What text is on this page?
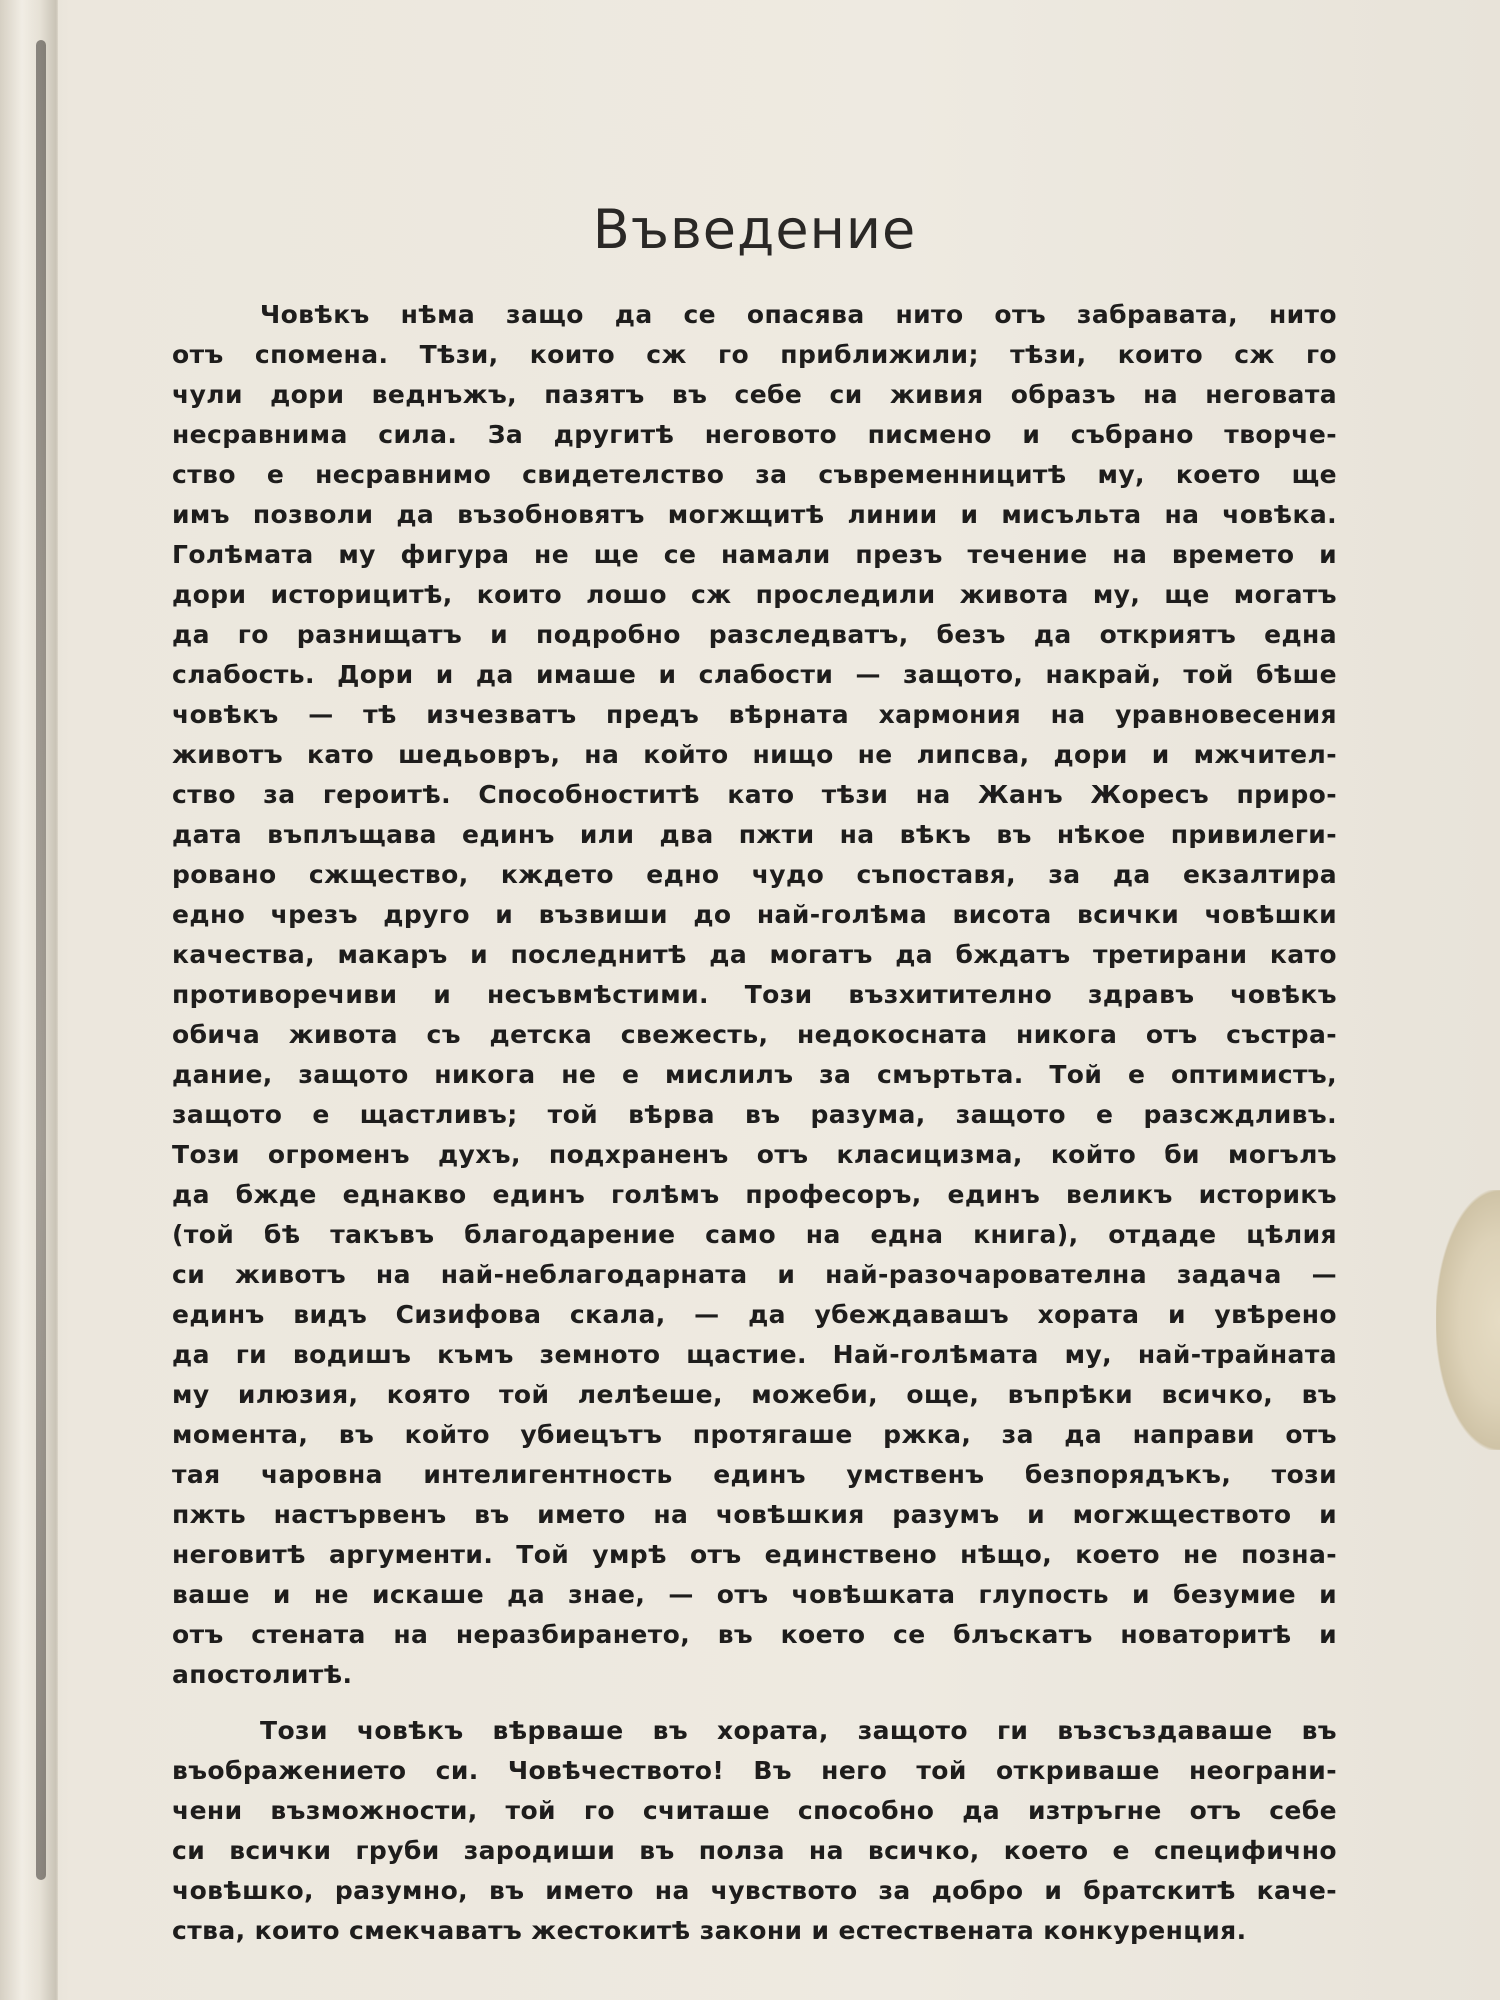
Въведение
Човѣкъ нѣма защо да се опасява нито отъ забравата, нито
отъ спомена. Тѣзи, които сж го приближили; тѣзи, които сж го
чули дори веднъжъ, пазятъ въ себе си живия образъ на неговата
несравнима сила. За другитѣ неговото писмено и събрано творче-
ство е несравнимо свидетелство за съвременницитѣ му, което ще
имъ позволи да възобновятъ могжщитѣ линии и мисъльта на човѣка.
Голѣмата му фигура не ще се намали презъ течение на времето и
дори историцитѣ, които лошо сж проследили живота му, ще могатъ
да го разнищатъ и подробно разследватъ, безъ да откриятъ една
слабость. Дори и да имаше и слабости — защото, накрай, той бѣше
човѣкъ — тѣ изчезватъ предъ вѣрната хармония на уравновесения
животъ като шедьовръ, на който нищо не липсва, дори и мжчител-
ство за героитѣ. Способноститѣ като тѣзи на Жанъ Жоресъ приро-
дата въплъщава единъ или два пжти на вѣкъ въ нѣкое привилеги-
ровано сжщество, кждето едно чудо съпоставя, за да екзалтира
едно чрезъ друго и възвиши до най-голѣма висота всички човѣшки
качества, макаръ и последнитѣ да могатъ да бждатъ третирани като
противоречиви и несъвмѣстими. Този възхитително здравъ човѣкъ
обича живота съ детска свежесть, недокосната никога отъ състра-
дание, защото никога не е мислилъ за смъртьта. Той е оптимистъ,
защото е щастливъ; той вѣрва въ разума, защото е разсждливъ.
Този огроменъ духъ, подхраненъ отъ класицизма, който би могълъ
да бжде еднакво единъ голѣмъ професоръ, единъ великъ историкъ
(той бѣ такъвъ благодарение само на една книга), отдаде цѣлия
си животъ на най-неблагодарната и най-разочарователна задача —
единъ видъ Сизифова скала, — да убеждавашъ хората и увѣрено
да ги водишъ къмъ земното щастие. Най-голѣмата му, най-трайната
му илюзия, която той лелѣеше, можеби, още, въпрѣки всичко, въ
момента, въ който убиецътъ протягаше ржка, за да направи отъ
тая чаровна интелигентность единъ умственъ безпорядъкъ, този
пжть настървенъ въ името на човѣшкия разумъ и могжществото и
неговитѣ аргументи. Той умрѣ отъ единствено нѣщо, което не позна-
ваше и не искаше да знае, — отъ човѣшката глупость и безумие и
отъ стената на неразбирането, въ което се блъскатъ новаторитѣ и
апостолитѣ.
Този човѣкъ вѣрваше въ хората, защото ги възсъздаваше въ
въображението си. Човѣчеството! Въ него той откриваше неограни-
чени възможности, той го считаше способно да изтръгне отъ себе
си всички груби зародиши въ полза на всичко, което е специфично
човѣшко, разумно, въ името на чувството за добро и братскитѣ каче-
ства, които смекчаватъ жестокитѣ закони и естествената конкуренция.
